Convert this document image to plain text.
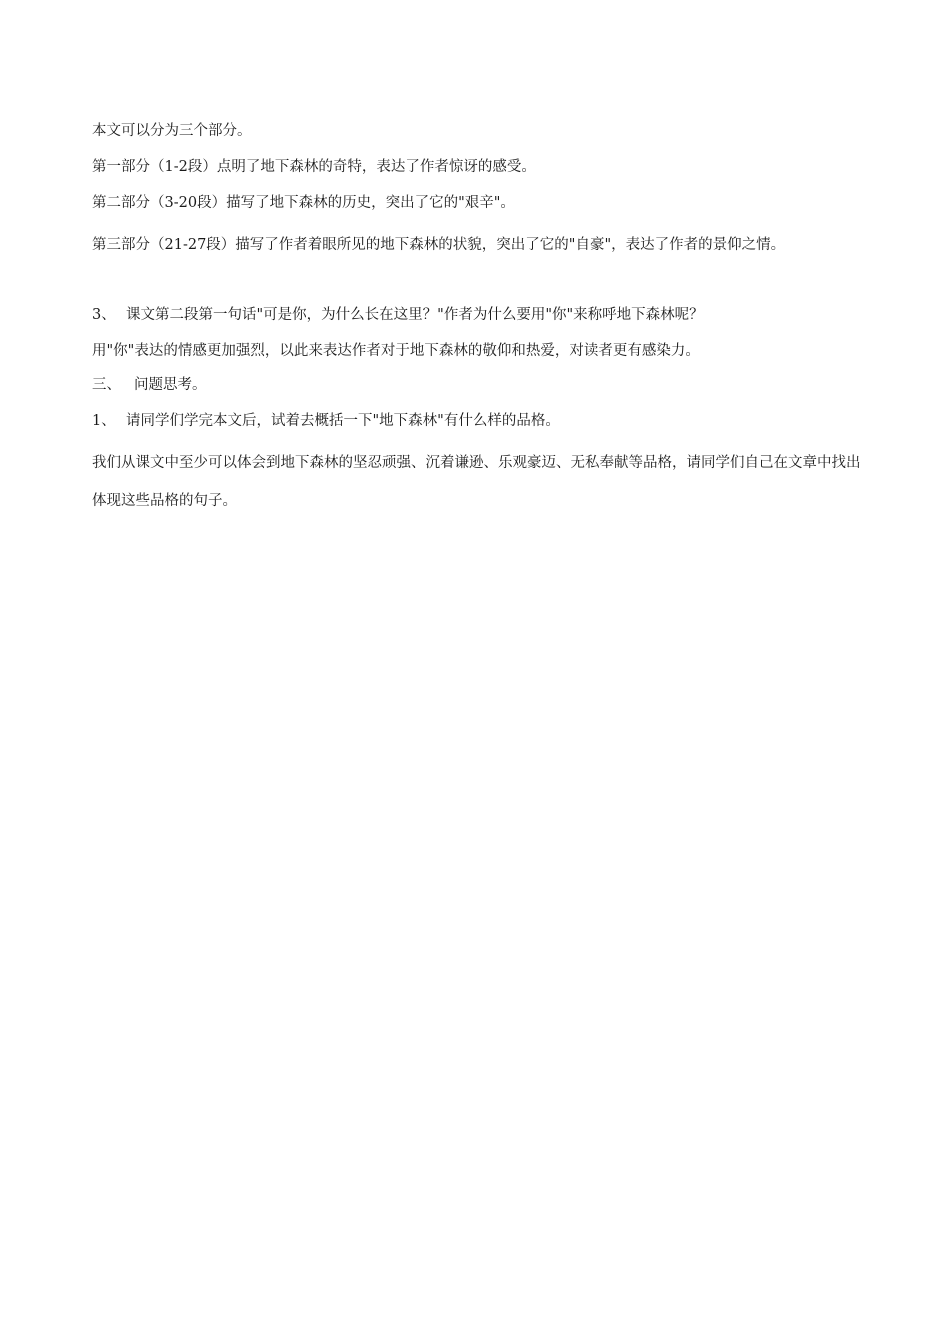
本文可以分为三个部分。
第一部分（1-2段）点明了地下森林的奇特，表达了作者惊讶的感受。
第二部分（3-20段）描写了地下森林的历史，突出了它的"艰辛"。
第三部分（21-27段）描写了作者着眼所见的地下森林的状貌，突出了它的"自豪"，表达了作者的景仰之情。
3、 课文第二段第一句话"可是你，为什么长在这里？"作者为什么要用"你"来称呼地下森林呢？
用"你"表达的情感更加强烈，以此来表达作者对于地下森林的敬仰和热爱，对读者更有感染力。
三、 问题思考。
1、 请同学们学完本文后，试着去概括一下"地下森林"有什么样的品格。
我们从课文中至少可以体会到地下森林的坚忍顽强、沉着谦逊、乐观豪迈、无私奉献等品格，请同学们自己在文章中找出体现这些品格的句子。
